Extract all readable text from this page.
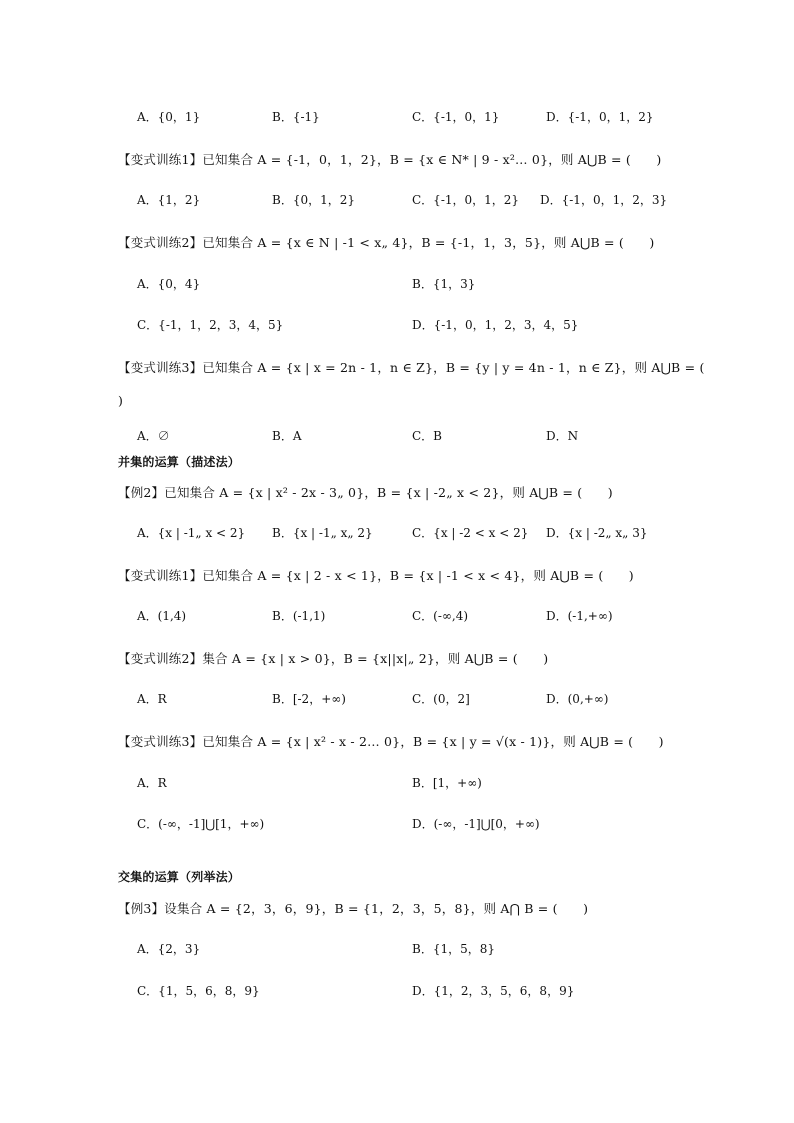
A．{0，1}	B．{-1}	C．{-1，0，1}	D．{-1，0，1，2}
【变式训练1】已知集合 A = {-1，0，1，2}，B = {x ∈ N* | 9 - x²… 0}，则 A⋃B = (　　)
A．{1，2}	B．{0，1，2}	C．{-1，0，1，2} D．{-1，0，1，2，3}
【变式训练2】已知集合 A = {x ∈ N | -1 < x„ 4}，B = {-1，1，3，5}，则 A⋃B = (　　)
A．{0，4}	B．{1，3}
C．{-1，1，2，3，4，5}	D．{-1，0，1，2，3，4，5}
【变式训练3】已知集合 A = {x | x = 2n - 1，n ∈ Z}，B = {y | y = 4n - 1，n ∈ Z}，则 A⋃B = (
)
A．∅	B．A	C．B	D．N
并集的运算（描述法）
【例2】已知集合 A = {x | x² - 2x - 3„ 0}，B = {x | -2„ x < 2}，则 A⋃B = (　　)
A．{x | -1„ x < 2} B．{x | -1„ x„ 2}	C．{x | -2 < x < 2} D．{x | -2„ x„ 3}
【变式训练1】已知集合 A = {x | 2 - x < 1}，B = {x | -1 < x < 4}，则 A⋃B = (　　)
A．(1,4)	B．(-1,1)	C．(-∞,4)	D．(-1,+∞)
【变式训练2】集合 A = {x | x > 0}，B = {x||x|„ 2}，则 A⋃B = (　　)
A．R	B．[-2，+∞)	C．(0，2]	D．(0,+∞)
【变式训练3】已知集合 A = {x | x² - x - 2… 0}，B = {x | y = √(x - 1)}，则 A⋃B = (　　)
A．R	B．[1，+∞)
C．(-∞，-1]⋃[1，+∞)	D．(-∞，-1]⋃[0，+∞)
交集的运算（列举法）
【例3】设集合 A = {2，3，6，9}，B = {1，2，3，5，8}，则 A⋂ B = (　　)
A．{2，3}	B．{1，5，8}
C．{1，5，6，8，9}	D．{1，2，3，5，6，8，9}
